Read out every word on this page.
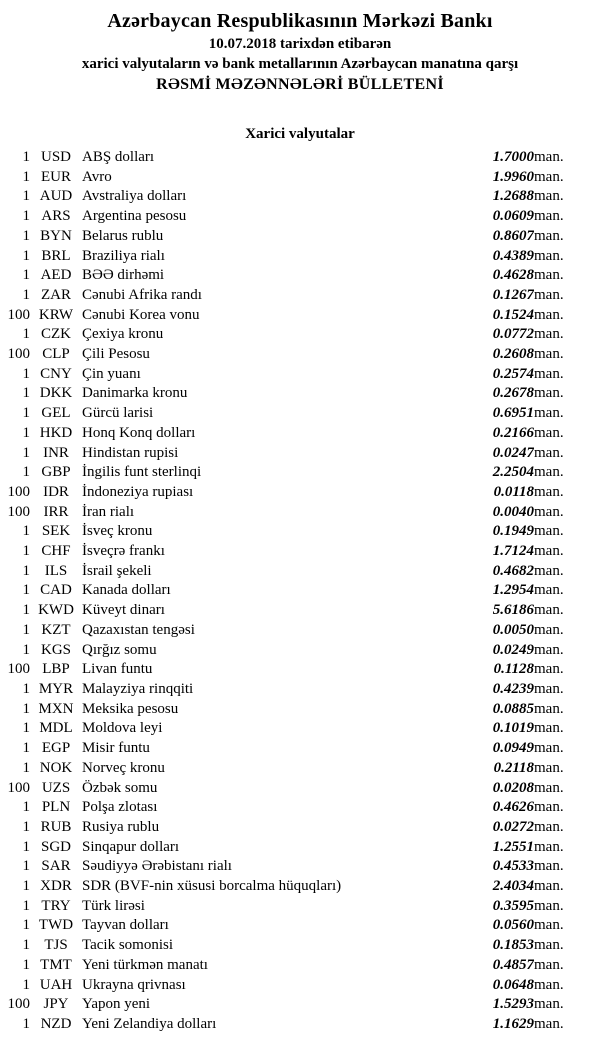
Azərbaycan Respublikasının Mərkəzi Bankı
10.07.2018 tarixdən etibarən
xarici valyutaların və bank metallarının Azərbaycan manatına qarşı
RƏSMİ MƏZƏNNƏLƏRİ BÜLLETENİ
Xarici valyutalar
1	USD	ABŞ dolları	1.7000	man.
1	EUR	Avro	1.9960	man.
1	AUD	Avstraliya dolları	1.2688	man.
1	ARS	Argentina pesosu	0.0609	man.
1	BYN	Belarus rublu	0.8607	man.
1	BRL	Braziliya rialı	0.4389	man.
1	AED	BƏƏ dirhəmi	0.4628	man.
1	ZAR	Cənubi Afrika randı	0.1267	man.
100	KRW	Cənubi Korea vonu	0.1524	man.
1	CZK	Çexiya kronu	0.0772	man.
100	CLP	Çili Pesosu	0.2608	man.
1	CNY	Çin yuanı	0.2574	man.
1	DKK	Danimarka kronu	0.2678	man.
1	GEL	Gürcü larisi	0.6951	man.
1	HKD	Honq Konq dolları	0.2166	man.
1	INR	Hindistan rupisi	0.0247	man.
1	GBP	İngilis funt sterlinqi	2.2504	man.
100	IDR	İndoneziya rupiası	0.0118	man.
100	IRR	İran rialı	0.0040	man.
1	SEK	İsveç kronu	0.1949	man.
1	CHF	İsveçrə frankı	1.7124	man.
1	ILS	İsrail şekeli	0.4682	man.
1	CAD	Kanada dolları	1.2954	man.
1	KWD	Küveyt dinarı	5.6186	man.
1	KZT	Qazaxıstan tengəsi	0.0050	man.
1	KGS	Qırğız somu	0.0249	man.
100	LBP	Livan funtu	0.1128	man.
1	MYR	Malayziya rinqqiti	0.4239	man.
1	MXN	Meksika pesosu	0.0885	man.
1	MDL	Moldova leyi	0.1019	man.
1	EGP	Misir funtu	0.0949	man.
1	NOK	Norveç kronu	0.2118	man.
100	UZS	Özbək somu	0.0208	man.
1	PLN	Polşa zlotası	0.4626	man.
1	RUB	Rusiya rublu	0.0272	man.
1	SGD	Sinqapur dolları	1.2551	man.
1	SAR	Səudiyyə Ərəbistanı rialı	0.4533	man.
1	XDR	SDR (BVF-nin xüsusi borcalma hüquqları)	2.4034	man.
1	TRY	Türk lirəsi	0.3595	man.
1	TWD	Tayvan dolları	0.0560	man.
1	TJS	Tacik somonisi	0.1853	man.
1	TMT	Yeni türkmən manatı	0.4857	man.
1	UAH	Ukrayna qrivnası	0.0648	man.
100	JPY	Yapon yeni	1.5293	man.
1	NZD	Yeni Zelandiya dolları	1.1629	man.
